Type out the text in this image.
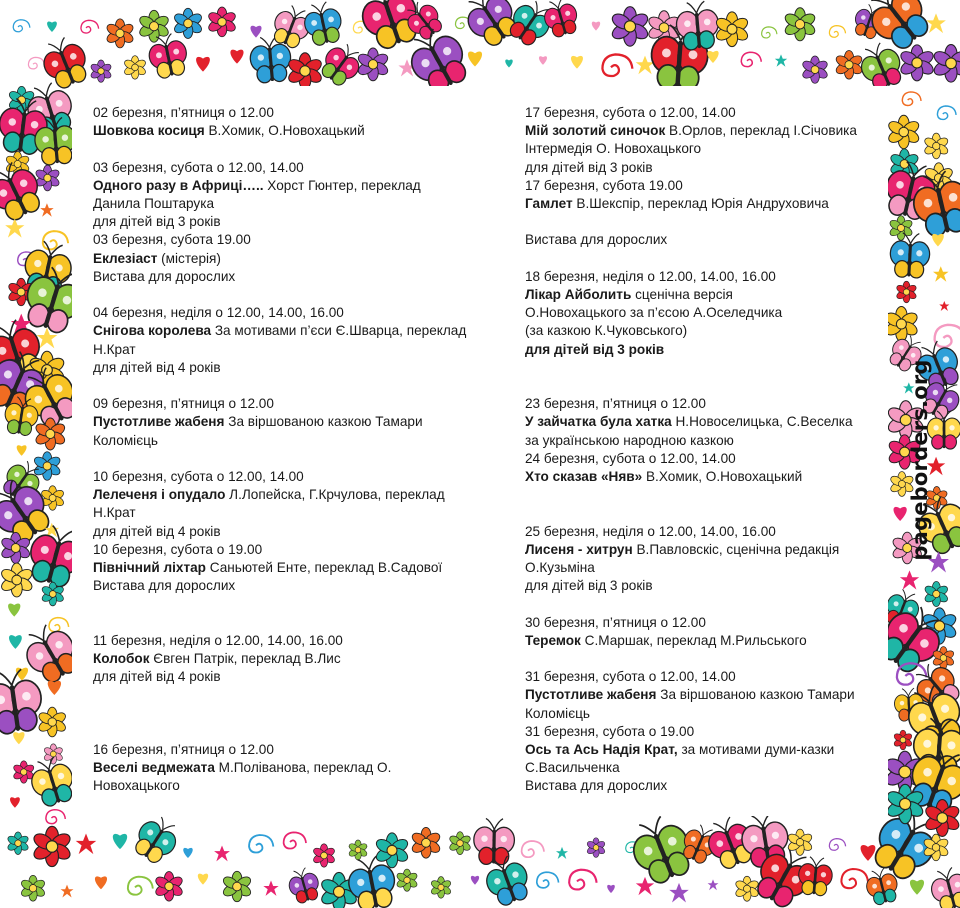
02 березня, п’ятниця о 12.00
Шовкова косиця В.Хомик, О.Новохацький
03 березня, субота о 12.00, 14.00
Одного разу в Африці….. Хорст Гюнтер, переклад
Данила Поштарука
для дітей від 3 років
03 березня, субота 19.00
Еклезіаст (містерія)
Вистава для дорослих
04 березня, неділя о 12.00, 14.00, 16.00
Снігова королева За мотивами п’єси Є.Шварца, переклад
Н.Крат
для дітей від 4 років
09 березня, п’ятниця о 12.00
Пустотливе жабеня За віршованою казкою Тамари
Коломієць
10 березня, субота о 12.00, 14.00
Лелеченя і опудало Л.Лопейска, Г.Крчулова, переклад
Н.Крат
для дітей від 4 років
10 березня, субота о 19.00
Північний ліхтар Саньютей Енте, переклад В.Садової
Вистава для дорослих
11 березня, неділя о 12.00, 14.00, 16.00
Колобок Євген Патрік, переклад В.Лис
для дітей від 4 років
16 березня, п’ятниця о 12.00
Веселі ведмежата М.Поліванова, переклад О.
Новохацького
17 березня, субота о 12.00, 14.00
Мій золотий синочок В.Орлов, переклад І.Січовика
Інтермедія О. Новохацького
для дітей від 3 років
17 березня, субота 19.00
Гамлет В.Шекспір, переклад Юрія Андруховича
Вистава для дорослих
18 березня, неділя о 12.00, 14.00, 16.00
Лікар Айболить сценічна версія
О.Новохацького за п’єсою А.Оселедчика
(за казкою К.Чуковського)
для дітей від 3 років
23 березня, п’ятниця о 12.00
У зайчатка була хатка Н.Новоселицька, С.Веселка
за українською народною казкою
24 березня, субота о 12.00, 14.00
Хто сказав «Няв» В.Хомик, О.Новохацький
25 березня, неділя о 12.00, 14.00, 16.00
Лисеня - хитрун В.Павловскіс, сценічна редакція
О.Кузьміна
для дітей від 3 років
30 березня, п’ятниця о 12.00
Теремок С.Маршак, переклад М.Рильського
31 березня, субота о 12.00, 14.00
Пустотливе жабеня За віршованою казкою Тамари
Коломієць
31 березня, субота о 19.00
Ось та Ась Надія Крат, за мотивами думи-казки
С.Васильченка
Вистава для дорослих
pageborders.org
